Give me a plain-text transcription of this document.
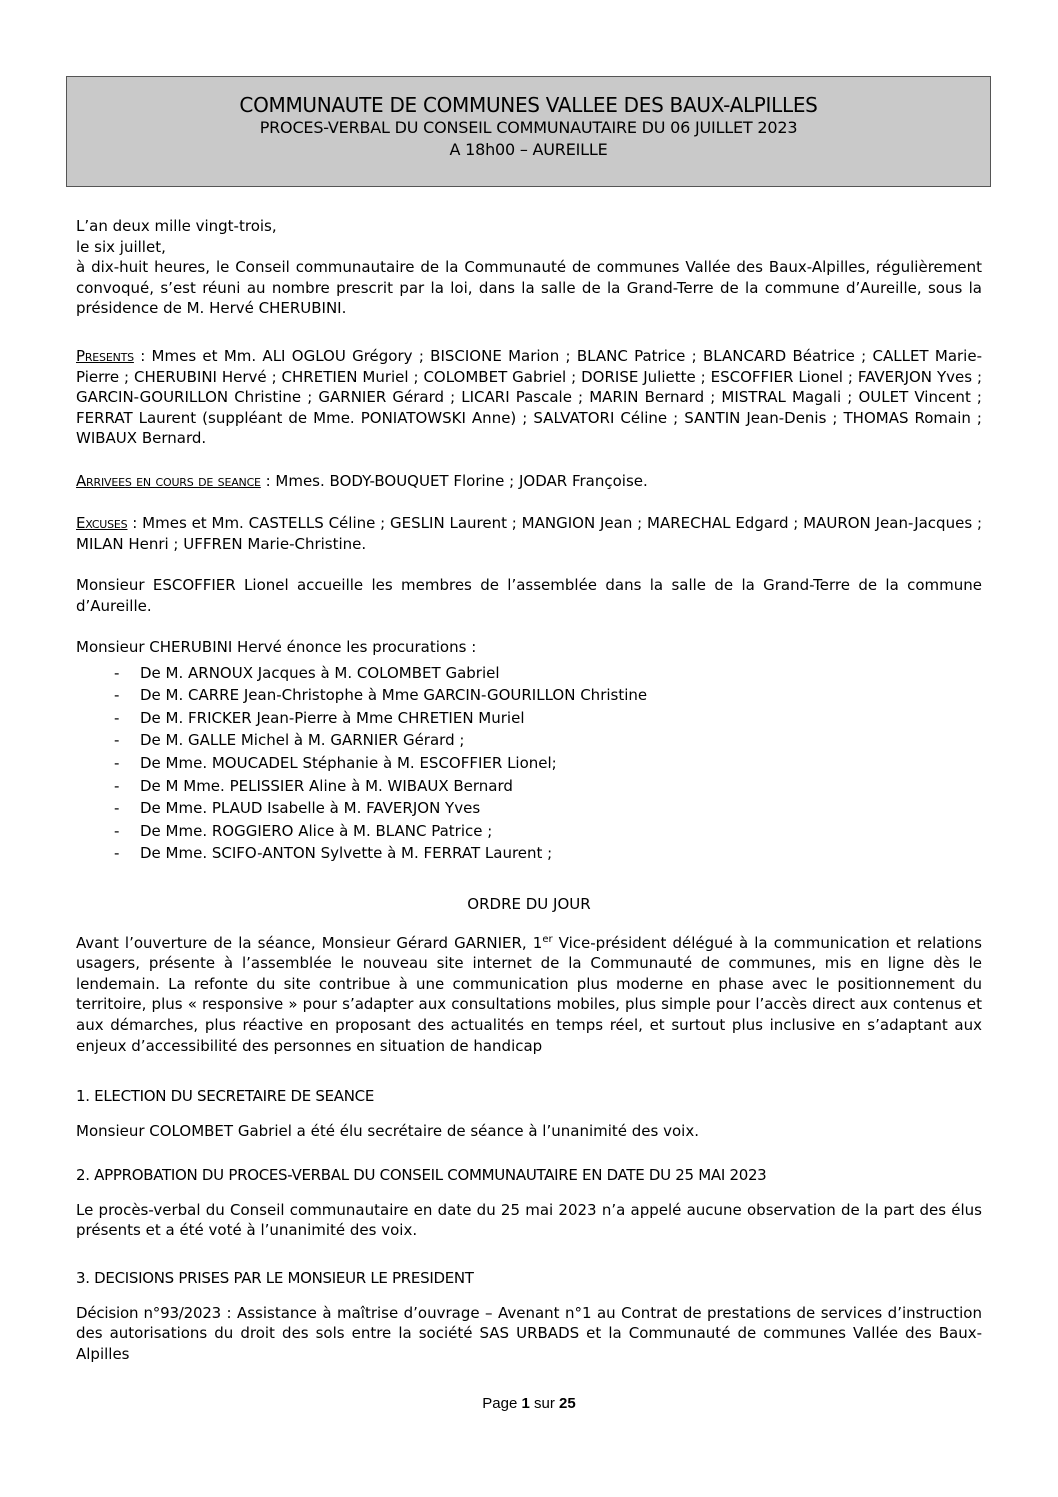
COMMUNAUTE DE COMMUNES VALLEE DES BAUX-ALPILLES
PROCES-VERBAL DU CONSEIL COMMUNAUTAIRE DU 06 JUILLET 2023
A 18h00 – AUREILLE

L’an deux mille vingt-trois,

le six juillet,

à dix-huit heures, le Conseil communautaire de la Communauté de communes Vallée des Baux-Alpilles, régulièrement convoqué, s’est réuni au nombre prescrit par la loi, dans la salle de la Grand-Terre de la commune d’Aureille, sous la présidence de M. Hervé CHERUBINI.

Presents : Mmes et Mm. ALI OGLOU Grégory ; BISCIONE Marion ; BLANC Patrice ; BLANCARD Béatrice ; CALLET Marie-Pierre ; CHERUBINI Hervé ; CHRETIEN Muriel ; COLOMBET Gabriel ; DORISE Juliette ; ESCOFFIER Lionel ; FAVERJON Yves ; GARCIN-GOURILLON Christine ; GARNIER Gérard ; LICARI Pascale ; MARIN Bernard ; MISTRAL Magali ; OULET Vincent ; FERRAT Laurent (suppléant de Mme. PONIATOWSKI Anne) ; SALVATORI Céline ; SANTIN Jean-Denis ; THOMAS Romain ; WIBAUX Bernard.

Arrivees en cours de seance : Mmes. BODY-BOUQUET Florine ; JODAR Françoise.

Excuses : Mmes et Mm. CASTELLS Céline ; GESLIN Laurent ; MANGION Jean ; MARECHAL Edgard ; MAURON Jean-Jacques ; MILAN Henri ; UFFREN Marie-Christine.

Monsieur ESCOFFIER Lionel accueille les membres de l’assemblée dans la salle de la Grand-Terre de la commune d’Aureille.

Monsieur CHERUBINI Hervé énonce les procurations :

- De M. ARNOUX Jacques à M. COLOMBET Gabriel
- De M. CARRE Jean-Christophe à Mme GARCIN-GOURILLON Christine
- De M. FRICKER Jean-Pierre à Mme CHRETIEN Muriel
- De M. GALLE Michel à M. GARNIER Gérard ;
- De Mme. MOUCADEL Stéphanie à M. ESCOFFIER Lionel;
- De M Mme. PELISSIER Aline à M. WIBAUX Bernard
- De Mme. PLAUD Isabelle à M. FAVERJON Yves
- De Mme. ROGGIERO Alice à M. BLANC Patrice ;
- De Mme. SCIFO-ANTON Sylvette à M. FERRAT Laurent ;

ORDRE DU JOUR

Avant l’ouverture de la séance, Monsieur Gérard GARNIER, 1er Vice-président délégué à la communication et relations usagers, présente à l’assemblée le nouveau site internet de la Communauté de communes, mis en ligne dès le lendemain. La refonte du site contribue à une communication plus moderne en phase avec le positionnement du territoire, plus « responsive » pour s’adapter aux consultations mobiles, plus simple pour l’accès direct aux contenus et aux démarches, plus réactive en proposant des actualités en temps réel, et surtout plus inclusive en s’adaptant aux enjeux d’accessibilité des personnes en situation de handicap

1. ELECTION DU SECRETAIRE DE SEANCE

Monsieur COLOMBET Gabriel a été élu secrétaire de séance à l’unanimité des voix.

2. APPROBATION DU PROCES-VERBAL DU CONSEIL COMMUNAUTAIRE EN DATE DU 25 MAI 2023

Le procès-verbal du Conseil communautaire en date du 25 mai 2023 n’a appelé aucune observation de la part des élus présents et a été voté à l’unanimité des voix.

3. DECISIONS PRISES PAR LE MONSIEUR LE PRESIDENT

Décision n°93/2023 : Assistance à maîtrise d’ouvrage – Avenant n°1 au Contrat de prestations de services d’instruction des autorisations du droit des sols entre la société SAS URBADS et la Communauté de communes Vallée des Baux-Alpilles

Page 1 sur 25
